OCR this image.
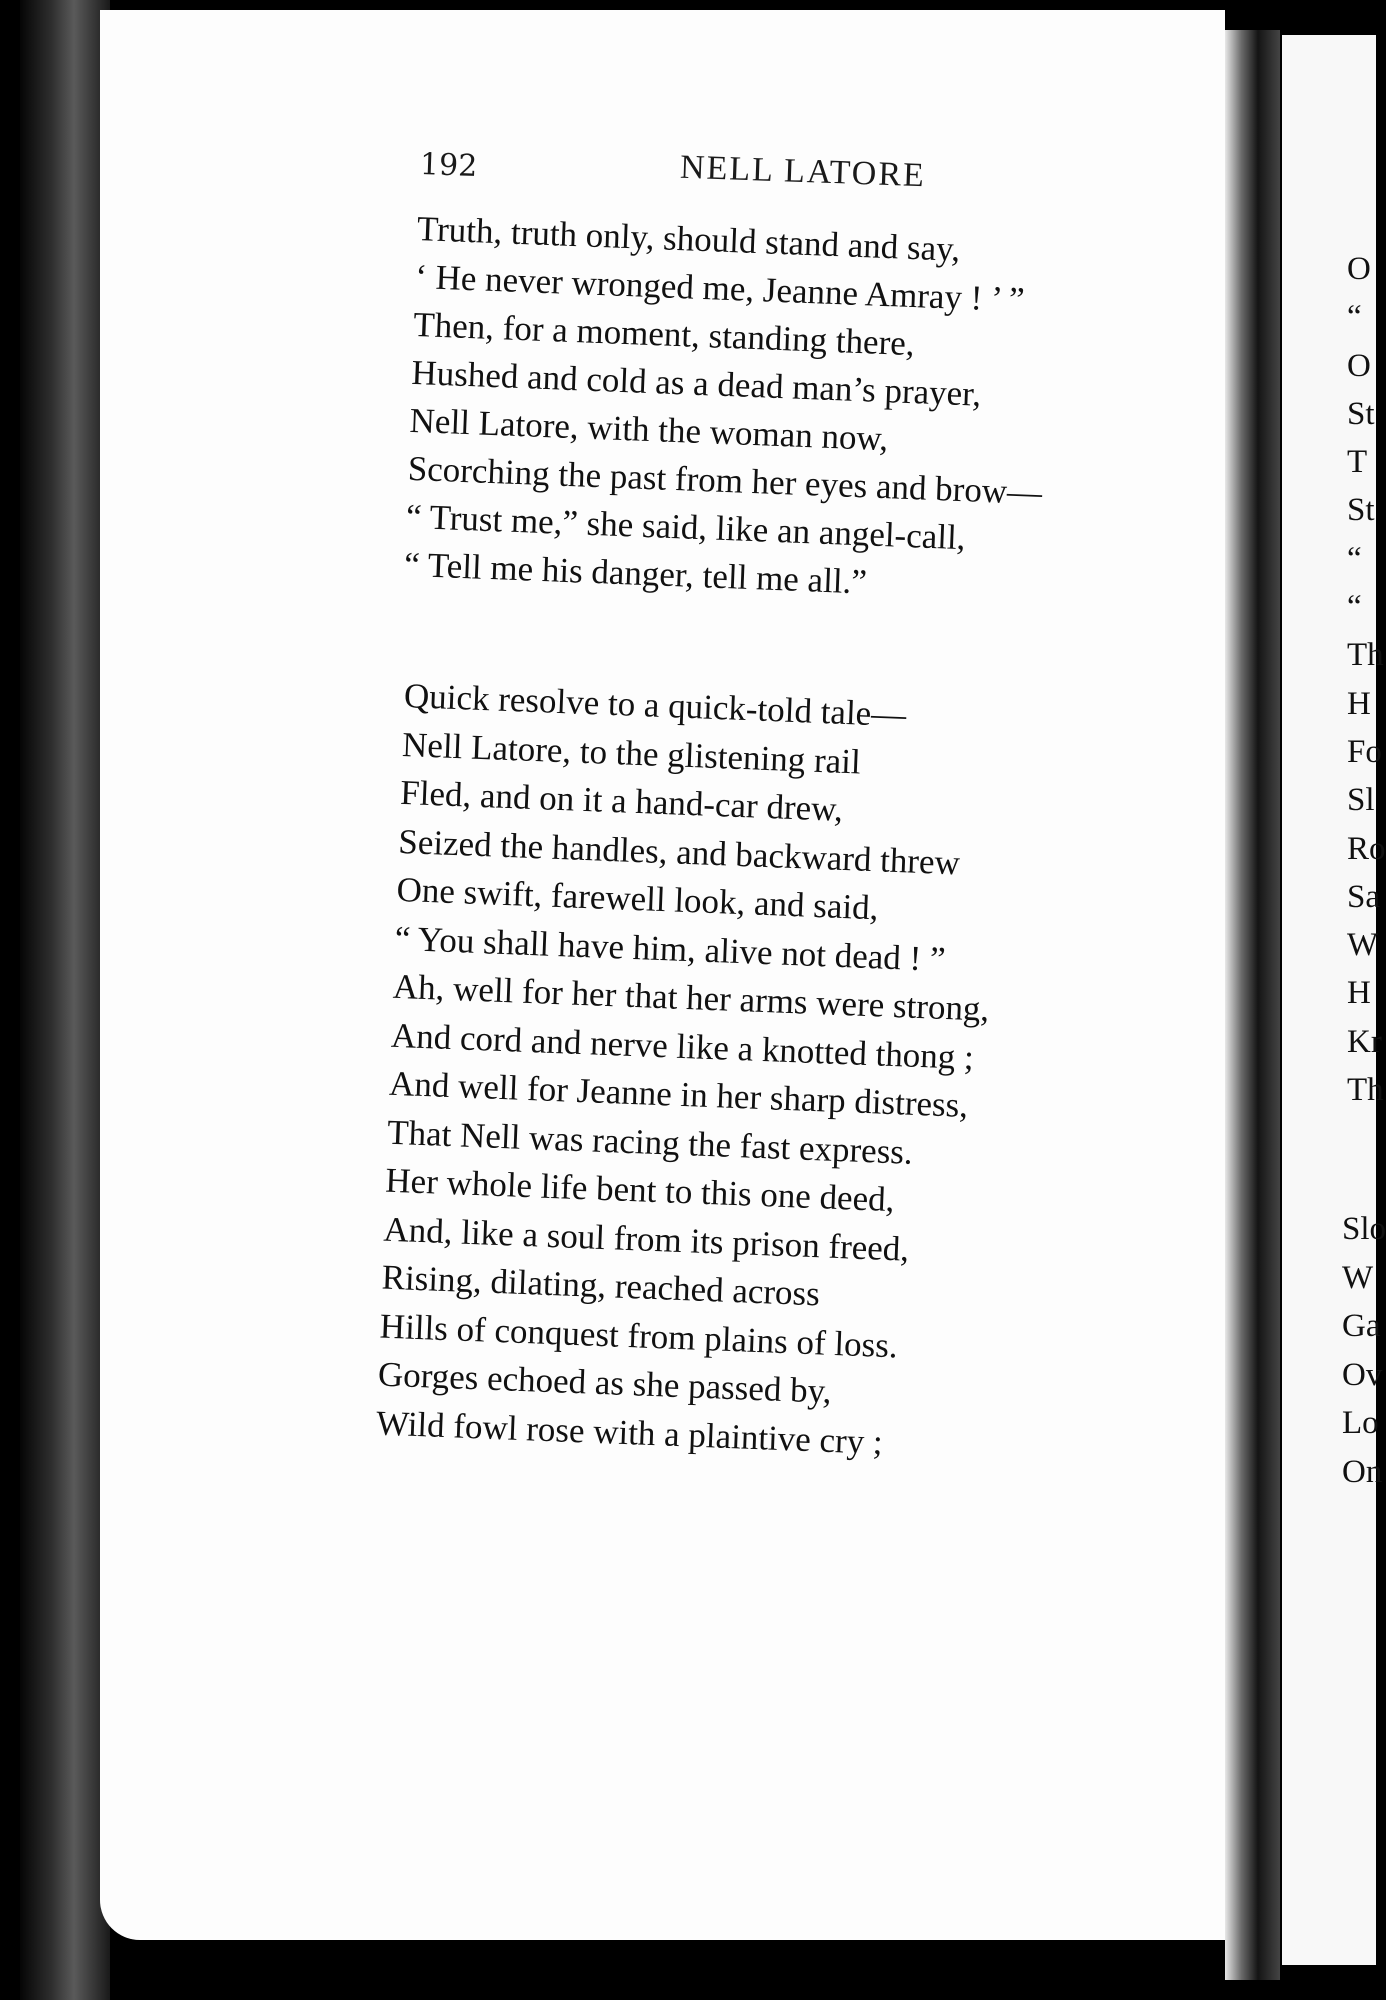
192	NELL LATORE
Truth, truth only, should stand and say,
‘ He never wronged me, Jeanne Amray ! ’ ”
Then, for a moment, standing there,
Hushed and cold as a dead man’s prayer,
Nell Latore, with the woman now,
Scorching the past from her eyes and brow—
“ Trust me,” she said, like an angel-call,
“ Tell me his danger, tell me all.”
Quick resolve to a quick-told tale—
Nell Latore, to the glistening rail
Fled, and on it a hand-car drew,
Seized the handles, and backward threw
One swift, farewell look, and said,
“ You shall have him, alive not dead ! ”
Ah, well for her that her arms were strong,
And cord and nerve like a knotted thong ;
And well for Jeanne in her sharp distress,
That Nell was racing the fast express.
Her whole life bent to this one deed,
And, like a soul from its prison freed,
Rising, dilating, reached across
Hills of conquest from plains of loss.
Gorges echoed as she passed by,
Wild fowl rose with a plaintive cry ;
O
“
O
St
T
St
“
“
Th
H
Fo
Sl
Ro
Sa
W
H
Kr
Th
Slo
W
Ga
Ov
Lo
On
